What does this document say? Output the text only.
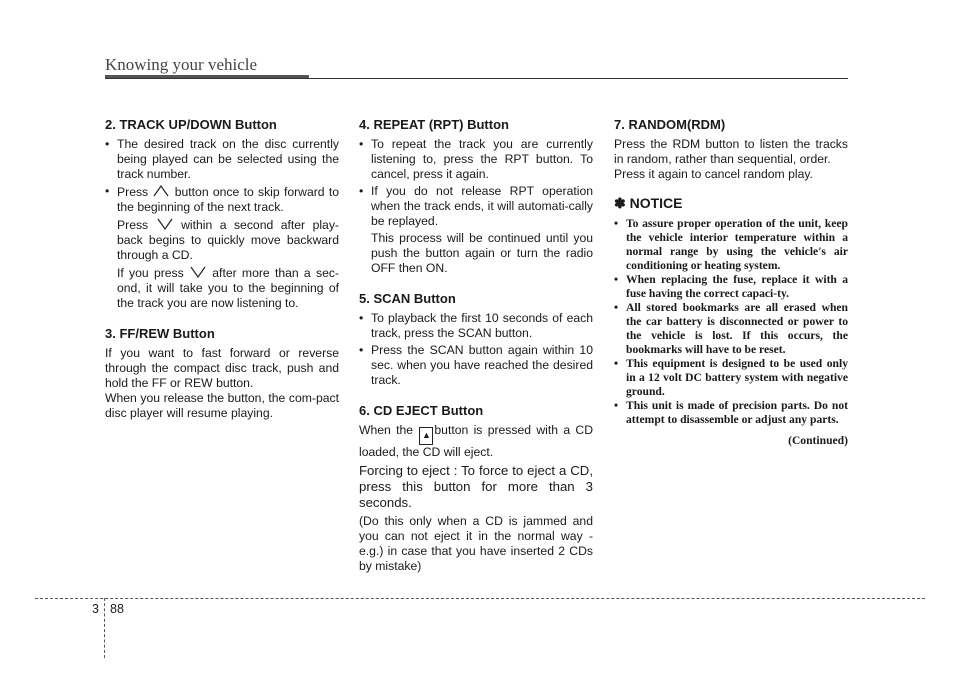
Knowing your vehicle
2. TRACK UP/DOWN Button
• The desired track on the disc currently being played can be selected using the track number.
• Press button once to skip forward to the beginning of the next track.
Press	within a second after play-back begins to quickly move backward through a CD.
If you press after more than a sec-ond, it will take you to the beginning of the track you are now listening to.
3. FF/REW Button

If you want to fast forward or reverse through the compact disc track, push and hold the FF or REW button.

When you release the button, the com-pact disc player will resume playing.

4. REPEAT (RPT) Button
• To repeat the track you are currently listening to, press the RPT button. To cancel, press it again.
• If you do not release RPT operation when the track ends, it will automati-cally be replayed.
This process will be continued until you push the button again or turn the radio OFF then ON.
5. SCAN Button
• To playback the first 10 seconds of each track, press the SCAN button.
• Press the SCAN button again within 10 sec. when you have reached the desired track.
6. CD EJECT Button

When the ▲ button is pressed with a CD loaded, the CD will eject.

Forcing to eject : To force to eject a CD, press this button for more than 3 seconds.

(Do this only when a CD is jammed and you can not eject it in the normal way - e.g.) in case that you have inserted 2 CDs by mistake)

7. RANDOM(RDM)

Press the RDM button to listen the tracks in random, rather than sequential, order.

Press it again to cancel random play.

✽ NOTICE
• To assure proper operation of the unit, keep the vehicle interior temperature within a normal range by using the vehicle's air conditioning or heating system.
• When replacing the fuse, replace it with a fuse having the correct capaci-ty.
• All stored bookmarks are all erased when the car battery is disconnected or power to the vehicle is lost. If this occurs, the bookmarks will have to be reset.
• This equipment is designed to be used only in a 12 volt DC battery system with negative ground.
• This unit is made of precision parts. Do not attempt to disassemble or adjust any parts.
(Continued)
3 88
